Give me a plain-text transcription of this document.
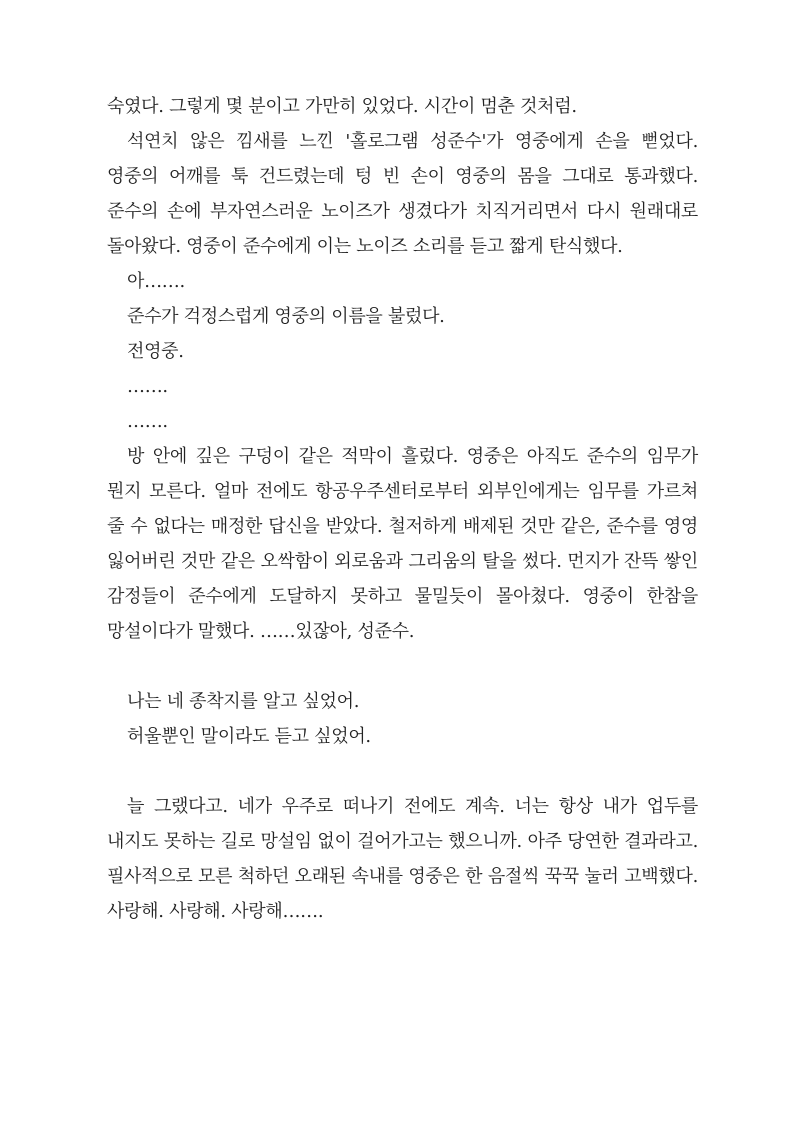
숙였다. 그렇게 몇 분이고 가만히 있었다. 시간이 멈춘 것처럼.

석연치 않은 낌새를 느낀 '홀로그램 성준수'가 영중에게 손을 뻗었다. 영중의 어깨를 툭 건드렸는데 텅 빈 손이 영중의 몸을 그대로 통과했다. 준수의 손에 부자연스러운 노이즈가 생겼다가 치직거리면서 다시 원래대로 돌아왔다. 영중이 준수에게 이는 노이즈 소리를 듣고 짧게 탄식했다.

아…….

준수가 걱정스럽게 영중의 이름을 불렀다.

전영중.

…….

…….

방 안에 깊은 구덩이 같은 적막이 흘렀다. 영중은 아직도 준수의 임무가 뭔지 모른다. 얼마 전에도 항공우주센터로부터 외부인에게는 임무를 가르쳐 줄 수 없다는 매정한 답신을 받았다. 철저하게 배제된 것만 같은, 준수를 영영 잃어버린 것만 같은 오싹함이 외로움과 그리움의 탈을 썼다. 먼지가 잔뜩 쌓인 감정들이 준수에게 도달하지 못하고 물밀듯이 몰아쳤다. 영중이 한참을 망설이다가 말했다. ……있잖아, 성준수.

나는 네 종착지를 알고 싶었어.

허울뿐인 말이라도 듣고 싶었어.

늘 그랬다고. 네가 우주로 떠나기 전에도 계속. 너는 항상 내가 업두를 내지도 못하는 길로 망설임 없이 걸어가고는 했으니까. 아주 당연한 결과라고. 필사적으로 모른 척하던 오래된 속내를 영중은 한 음절씩 꾹꾹 눌러 고백했다. 사랑해. 사랑해. 사랑해…….
